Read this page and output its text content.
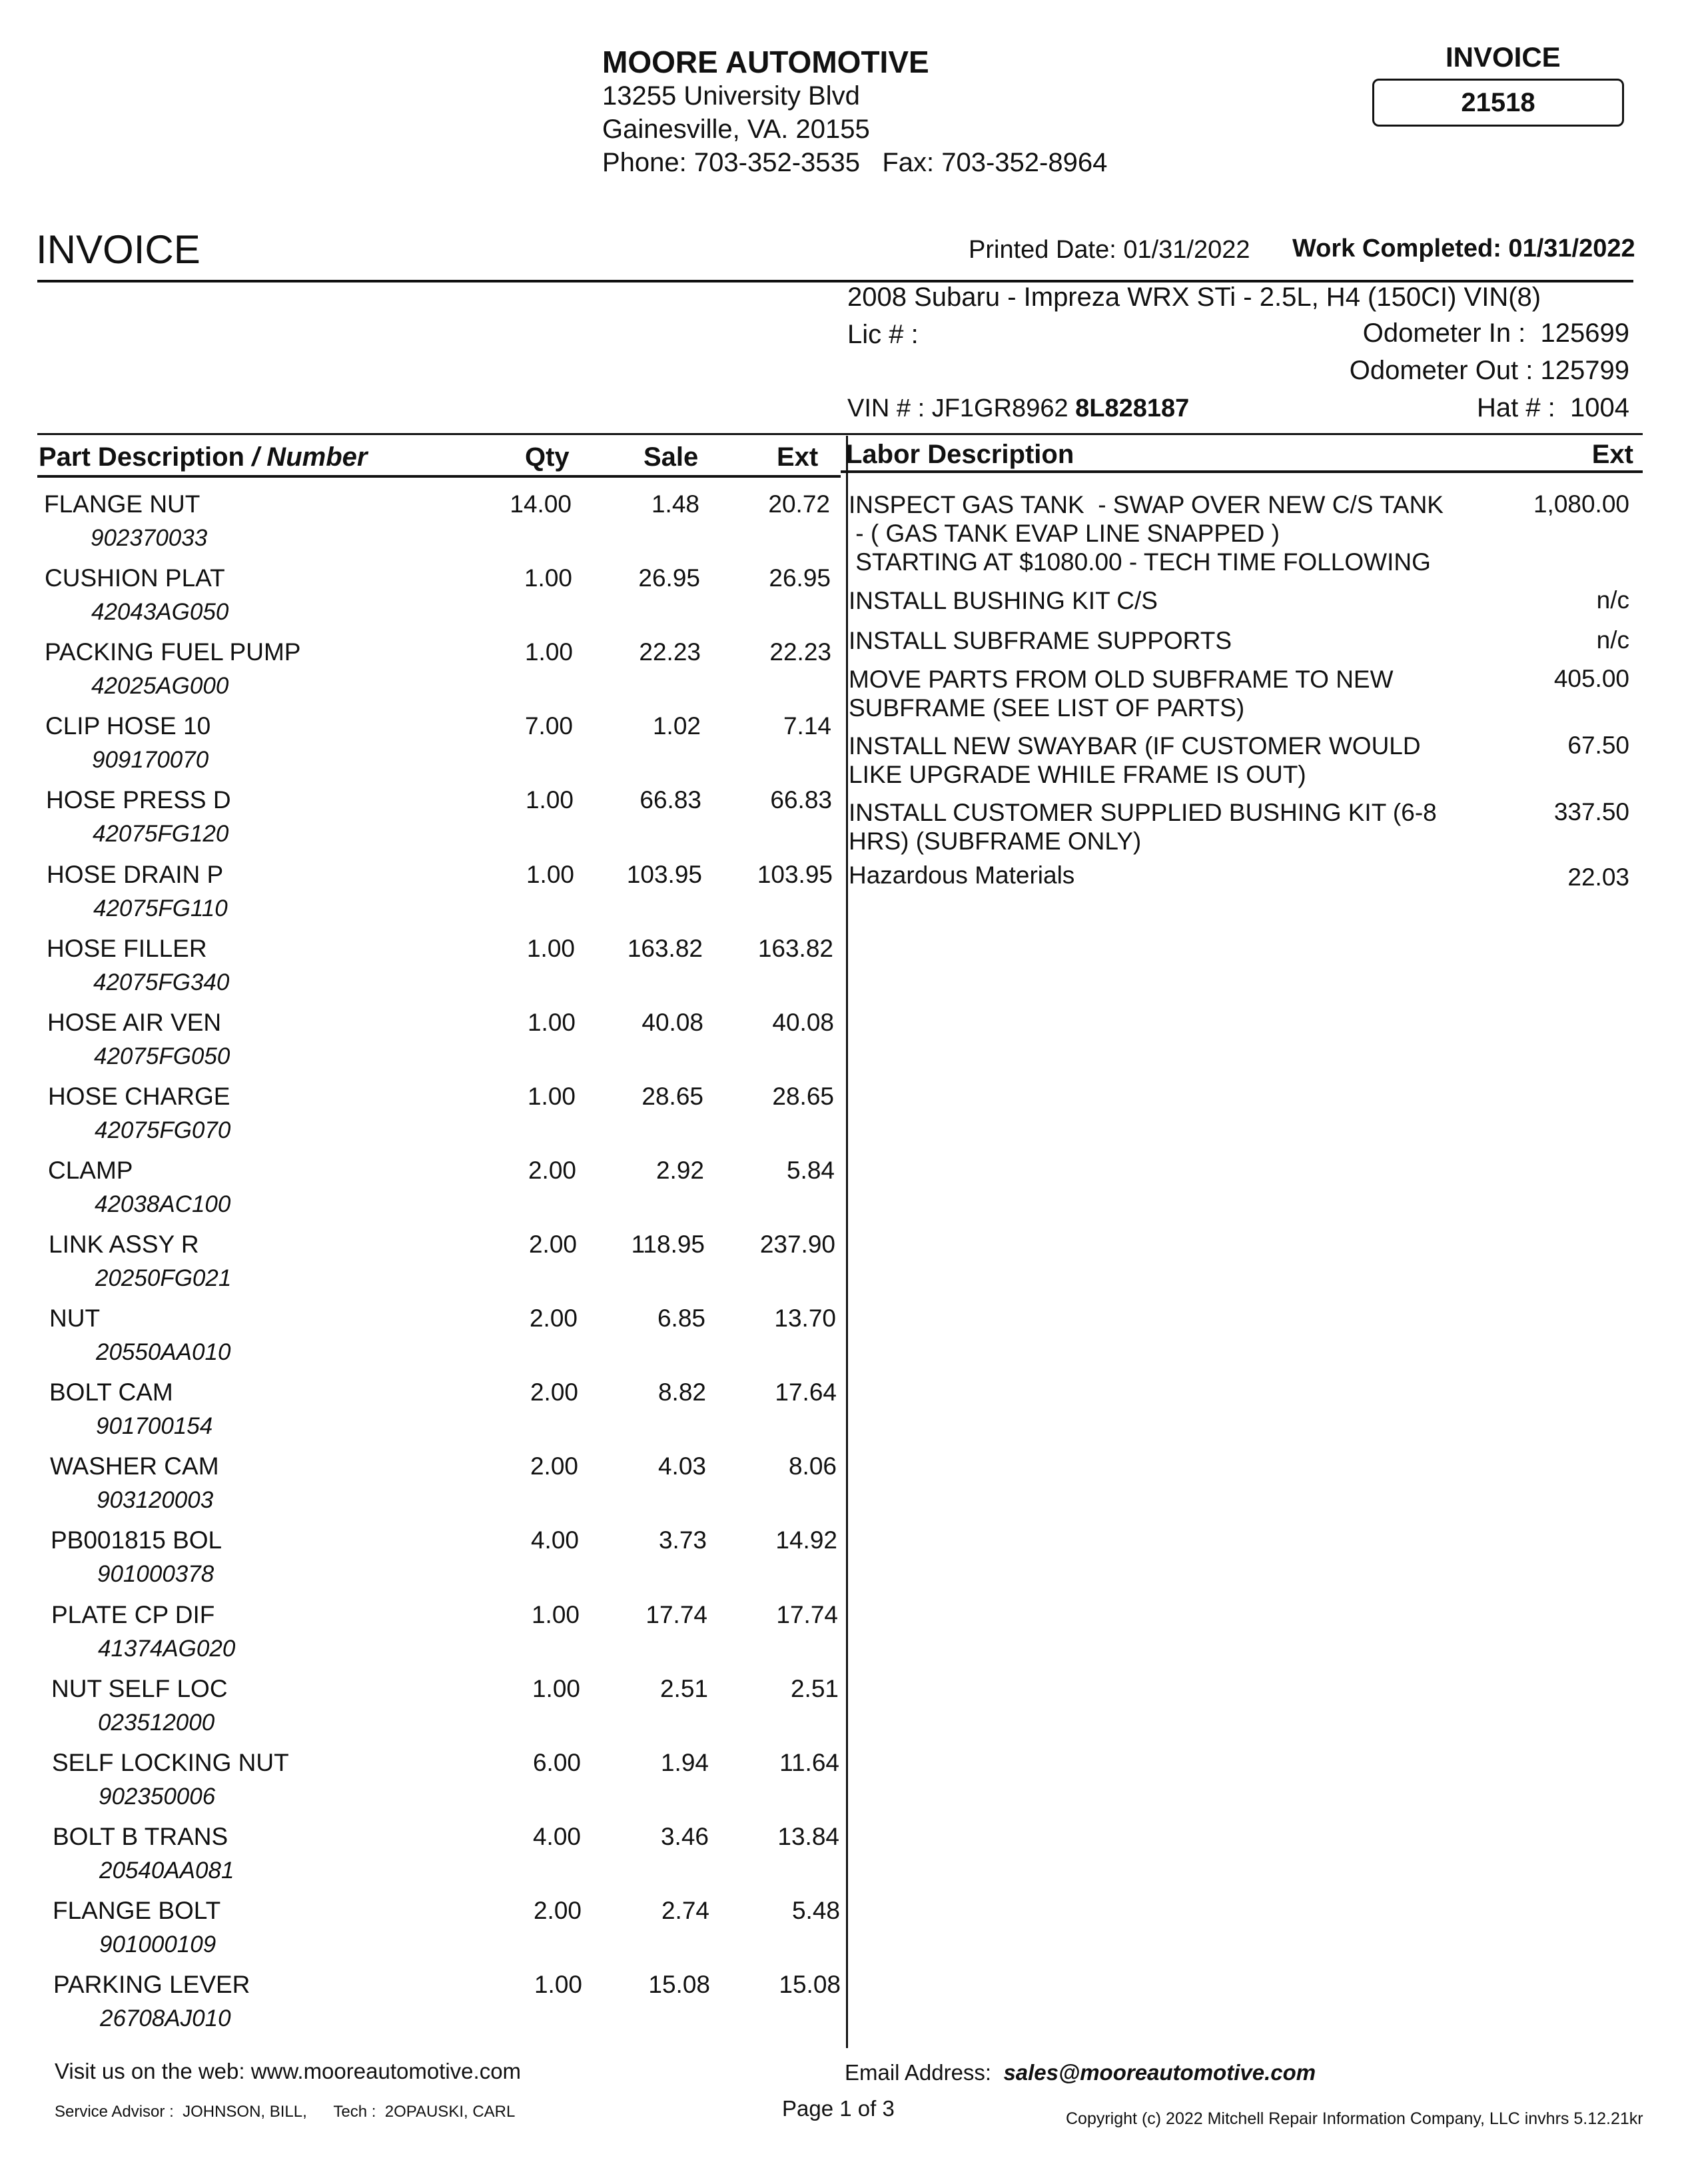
MOORE AUTOMOTIVE
13255 University Blvd
Gainesville, VA. 20155
Phone: 703-352-3535   Fax: 703-352-8964
INVOICE
21518
INVOICE	Printed Date: 01/31/2022 Work Completed: 01/31/2022
2008 Subaru - Impreza WRX STi - 2.5L, H4 (150CI) VIN(8)
Lic # :	Odometer In :  125699
Odometer Out : 125799
VIN # : JF1GR8962 8L828187	Hat # :  1004
Part Description / Number	Qty	Sale	Ext Labor Description	Ext
FLANGE NUT
902370033
14.00	1.48	20.72
CUSHION PLAT
42043AG050
1.00	26.95	26.95
PACKING FUEL PUMP
42025AG000
1.00	22.23	22.23
CLIP HOSE 10
909170070
7.00	1.02	7.14
HOSE PRESS D
42075FG120
1.00	66.83	66.83
HOSE DRAIN P
42075FG110
1.00 103.95 103.95
HOSE FILLER
42075FG340
1.00 163.82 163.82
HOSE AIR VEN
42075FG050
1.00	40.08	40.08
HOSE CHARGE
42075FG070
1.00	28.65	28.65
CLAMP
42038AC100
2.00	2.92	5.84
LINK ASSY R
20250FG021
2.00 118.95 237.90
NUT
20550AA010
2.00	6.85	13.70
BOLT CAM
901700154
2.00	8.82	17.64
WASHER CAM
903120003
2.00	4.03	8.06
PB001815 BOL
901000378
4.00	3.73	14.92
PLATE CP DIF
41374AG020
1.00	17.74	17.74
NUT SELF LOC
023512000
1.00	2.51	2.51
SELF LOCKING NUT
902350006
6.00	1.94	11.64
BOLT B TRANS
20540AA081
4.00	3.46	13.84
FLANGE BOLT
901000109
2.00	2.74	5.48
PARKING LEVER
26708AJ010
1.00	15.08	15.08
INSPECT GAS TANK  - SWAP OVER NEW C/S TANK
- ( GAS TANK EVAP LINE SNAPPED )
STARTING AT $1080.00 - TECH TIME FOLLOWING
1,080.00
INSTALL BUSHING KIT C/S	n/c
INSTALL SUBFRAME SUPPORTS	n/c
MOVE PARTS FROM OLD SUBFRAME TO NEW
SUBFRAME (SEE LIST OF PARTS)
405.00
INSTALL NEW SWAYBAR (IF CUSTOMER WOULD
LIKE UPGRADE WHILE FRAME IS OUT)
67.50
INSTALL CUSTOMER SUPPLIED BUSHING KIT (6-8
HRS) (SUBFRAME ONLY)
337.50
Hazardous Materials	22.03
Visit us on the web: www.mooreautomotive.com	Email Address:  sales@mooreautomotive.com
Service Advisor :  JOHNSON, BILL,      Tech :  2OPAUSKI, CARL	Page 1 of 3	Copyright (c) 2022 Mitchell Repair Information Company, LLC invhrs 5.12.21kr
